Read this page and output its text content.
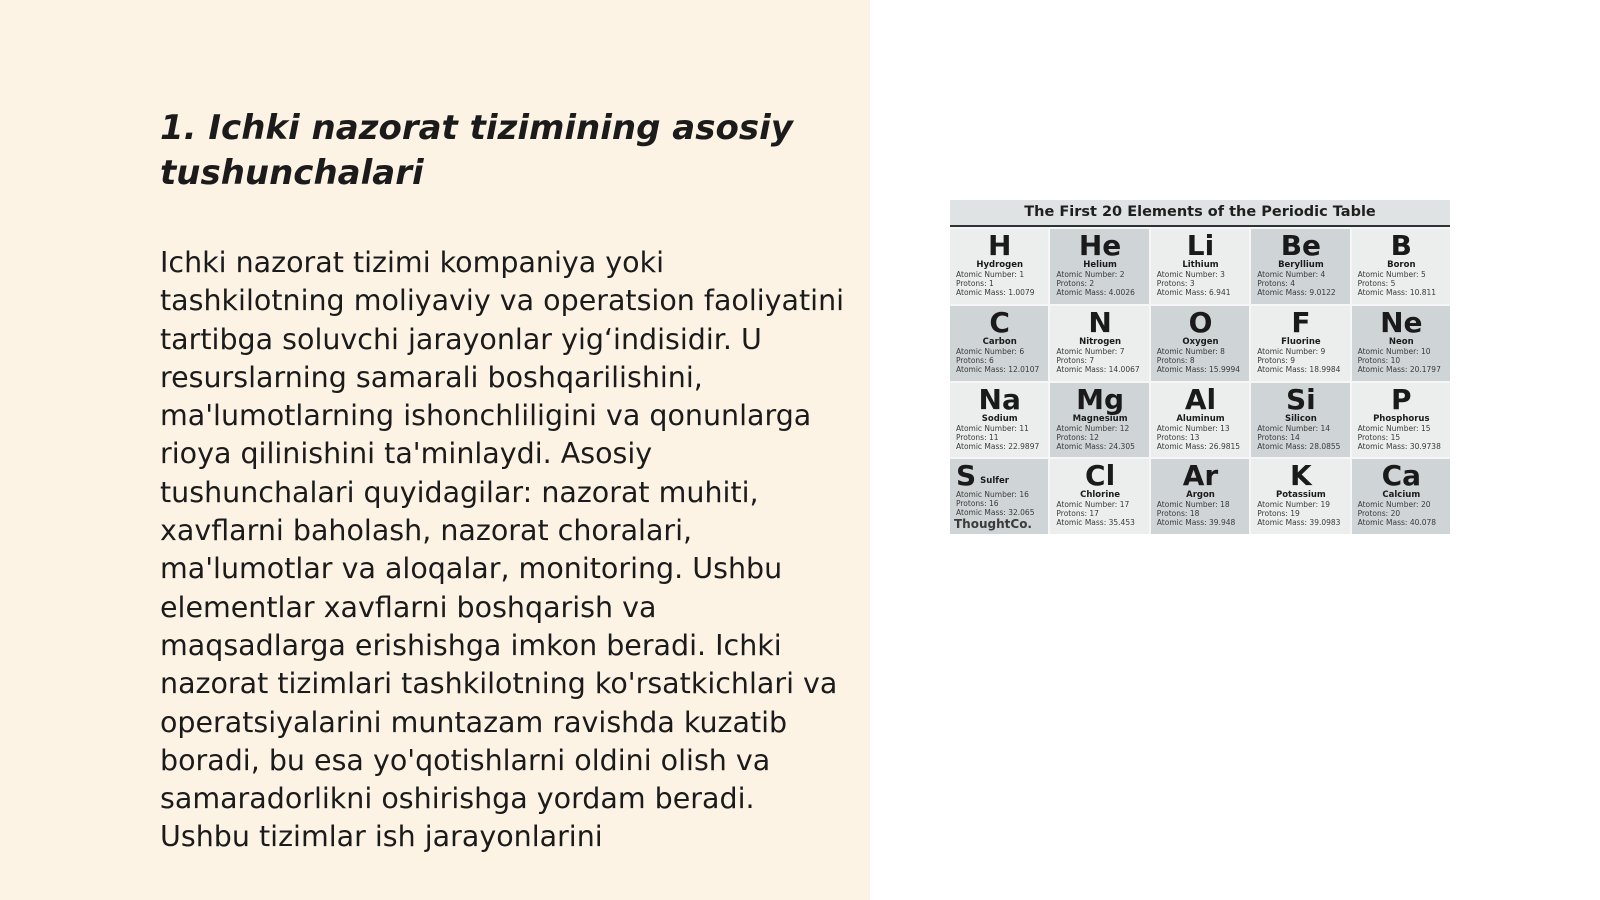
1. Ichki nazorat tizimining asosiy tushunchalari

Ichki nazorat tizimi kompaniya yoki tashkilotning moliyaviy va operatsion faoliyatini tartibga soluvchi jarayonlar yig‘indisidir. U resurslarning samarali boshqarilishini, ma'lumotlarning ishonchliligini va qonunlarga rioya qilinishini ta'minlaydi. Asosiy tushunchalari quyidagilar: nazorat muhiti, xavflarni baholash, nazorat choralari, ma'lumotlar va aloqalar, monitoring. Ushbu elementlar xavflarni boshqarish va maqsadlarga erishishga imkon beradi. Ichki nazorat tizimlari tashkilotning ko'rsatkichlari va operatsiyalarini muntazam ravishda kuzatib boradi, bu esa yo'qotishlarni oldini olish va samaradorlikni oshirishga yordam beradi. Ushbu tizimlar ish jarayonlarini

The First 20 Elements of the Periodic Table
H
Hydrogen
Atomic Number: 1
Protons: 1
Atomic Mass: 1.0079
He
Helium
Atomic Number: 2
Protons: 2
Atomic Mass: 4.0026
Li
Lithium
Atomic Number: 3
Protons: 3
Atomic Mass: 6.941
Be
Beryllium
Atomic Number: 4
Protons: 4
Atomic Mass: 9.0122
B
Boron
Atomic Number: 5
Protons: 5
Atomic Mass: 10.811
C
Carbon
Atomic Number: 6
Protons: 6
Atomic Mass: 12.0107
N
Nitrogen
Atomic Number: 7
Protons: 7
Atomic Mass: 14.0067
O
Oxygen
Atomic Number: 8
Protons: 8
Atomic Mass: 15.9994
F
Fluorine
Atomic Number: 9
Protons: 9
Atomic Mass: 18.9984
Ne
Neon
Atomic Number: 10
Protons: 10
Atomic Mass: 20.1797
Na
Sodium
Atomic Number: 11
Protons: 11
Atomic Mass: 22.9897
Mg
Magnesium
Atomic Number: 12
Protons: 12
Atomic Mass: 24.305
Al
Aluminum
Atomic Number: 13
Protons: 13
Atomic Mass: 26.9815
Si
Silicon
Atomic Number: 14
Protons: 14
Atomic Mass: 28.0855
P
Phosphorus
Atomic Number: 15
Protons: 15
Atomic Mass: 30.9738
S Sulfer
Atomic Number: 16
Protons: 16
Atomic Mass: 32.065
ThoughtCo.
Cl
Chlorine
Atomic Number: 17
Protons: 17
Atomic Mass: 35.453
Ar
Argon
Atomic Number: 18
Protons: 18
Atomic Mass: 39.948
K
Potassium
Atomic Number: 19
Protons: 19
Atomic Mass: 39.0983
Ca
Calcium
Atomic Number: 20
Protons: 20
Atomic Mass: 40.078
